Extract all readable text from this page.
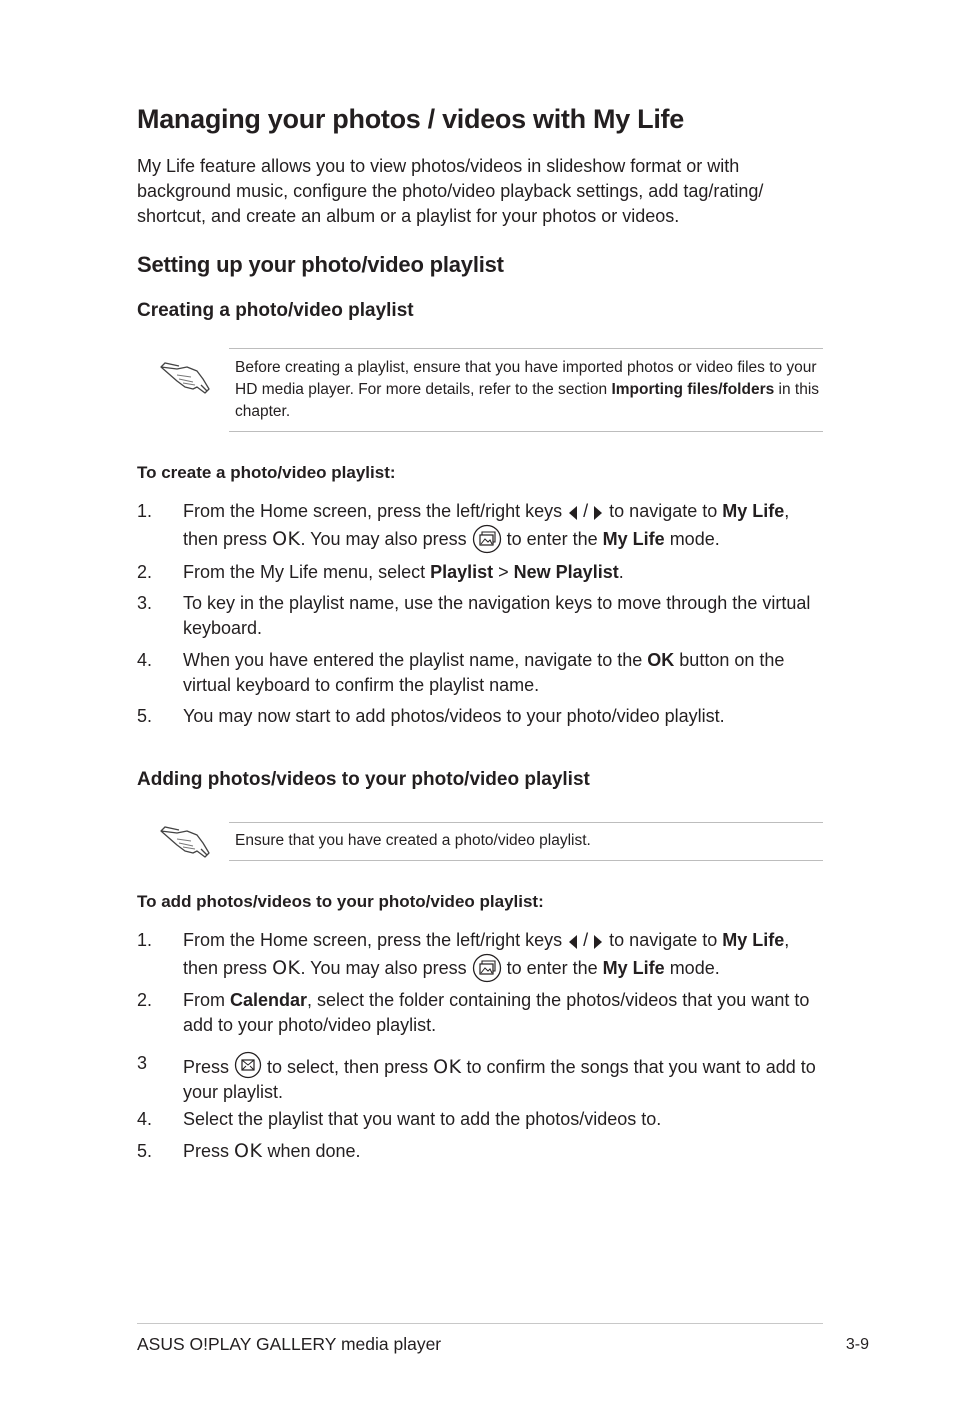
Managing your photos / videos with My Life

My Life feature allows you to view photos/videos in slideshow format or with background music, configure the photo/video playback settings, add tag/rating/ shortcut, and create an album or a playlist for your photos or videos.

Setting up your photo/video playlist
Creating a photo/video playlist

Before creating a playlist, ensure that you have imported photos or video files to your HD media player. For more details, refer to the section Importing files/folders in this chapter.

To create a photo/video playlist:
1. From the Home screen, press the left/right keys  /  to navigate to My Life,
then press OK. You may also press  to enter the My Life mode.
2. From the My Life menu, select Playlist > New Playlist.
3. To key in the playlist name, use the navigation keys to move through the virtual keyboard.
4. When you have entered the playlist name, navigate to the OK button on the virtual keyboard to confirm the playlist name.
5. You may now start to add photos/videos to your photo/video playlist.
Adding photos/videos to your photo/video playlist

Ensure that you have created a photo/video playlist.

To add photos/videos to your photo/video playlist:
1. From the Home screen, press the left/right keys  /  to navigate to My Life,
then press OK. You may also press  to enter the My Life mode.
2. From Calendar, select the folder containing the photos/videos that you want to add to your photo/video playlist.
3 Press  to select, then press OK to confirm the songs that you want to add to your playlist.
4. Select the playlist that you want to add the photos/videos to.
5. Press OK when done.
ASUS O!PLAY GALLERY media player	3-9
